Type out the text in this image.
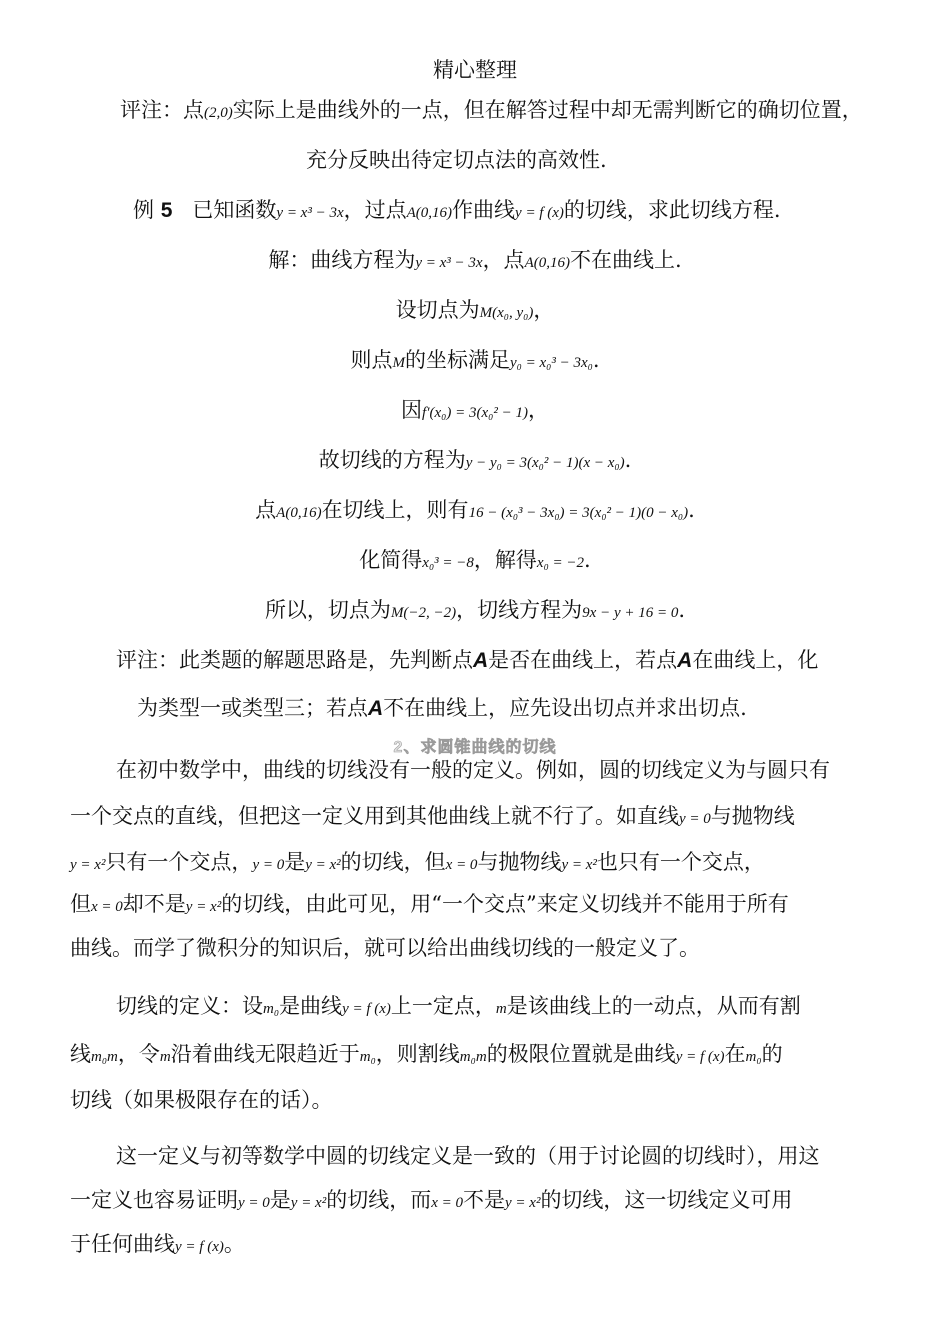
精心整理
评注：点(2,0)实际上是曲线外的一点，但在解答过程中却无需判断它的确切位置，
充分反映出待定切点法的高效性.
例 5 已知函数y = x³ − 3x，过点A(0,16)作曲线y = f (x)的切线，求此切线方程.
解：曲线方程为y = x³ − 3x，点A(0,16)不在曲线上.
设切点为M(x₀, y₀)，
则点M的坐标满足y₀ = x₀³ − 3x₀.
因f′(x₀) = 3(x₀² − 1)，
故切线的方程为y − y₀ = 3(x₀² − 1)(x − x₀).
点A(0,16)在切线上，则有16 − (x₀³ − 3x₀) = 3(x₀² − 1)(0 − x₀).
化简得x₀³ = −8，解得x₀ = −2.
所以，切点为M(−2, −2)，切线方程为9x − y + 16 = 0.
评注：此类题的解题思路是，先判断点A是否在曲线上，若点A在曲线上，化
为类型一或类型三；若点A不在曲线上，应先设出切点并求出切点.
2、求圆锥曲线的切线
在初中数学中，曲线的切线没有一般的定义。例如，圆的切线定义为与圆只有
一个交点的直线，但把这一定义用到其他曲线上就不行了。如直线y = 0与抛物线
y = x²只有一个交点，y = 0是y = x²的切线，但x = 0与抛物线y = x²也只有一个交点，
但x = 0却不是y = x²的切线，由此可见，用“一个交点”来定义切线并不能用于所有
曲线。而学了微积分的知识后，就可以给出曲线切线的一般定义了。
切线的定义：设m₀是曲线y = f (x)上一定点，m是该曲线上的一动点，从而有割
线m₀m，令m沿着曲线无限趋近于m₀，则割线m₀m的极限位置就是曲线y = f (x)在m₀的
切线（如果极限存在的话）。
这一定义与初等数学中圆的切线定义是一致的（用于讨论圆的切线时），用这
一定义也容易证明y = 0是y = x²的切线，而x = 0不是y = x²的切线，这一切线定义可用
于任何曲线y = f (x)。
